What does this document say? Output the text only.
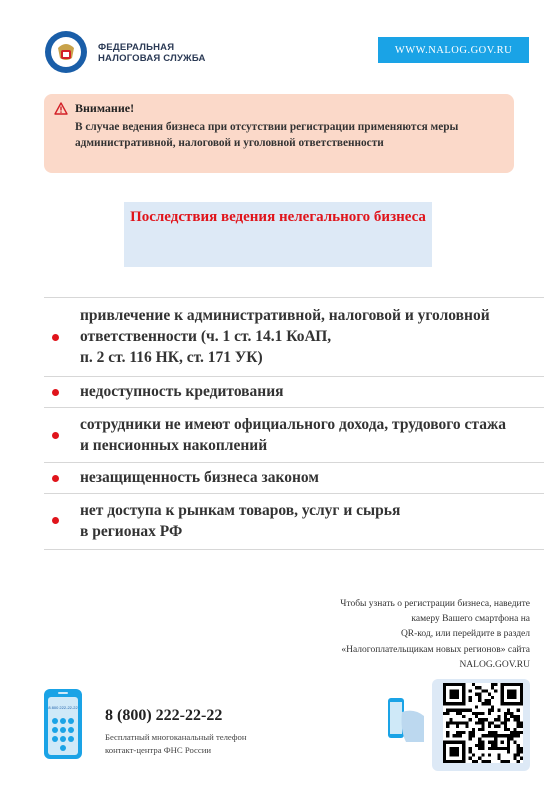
ФЕДЕРАЛЬНАЯ
НАЛОГОВАЯ СЛУЖБА
WWW.NALOG.GOV.RU
Внимание!
В случае ведения бизнеса при отсутствии регистрации применяются меры административной, налоговой и уголовной ответственности
Последствия ведения нелегального бизнеса
привлечение к административной, налоговой и уголовной
ответственности (ч. 1 ст. 14.1 КоАП,
п. 2 ст. 116 НК, ст. 171 УК)
недоступность кредитования
сотрудники не имеют официального дохода, трудового стажа
и пенсионных накоплений
незащищенность бизнеса законом
нет доступа к рынкам товаров, услуг и сырья
в регионах РФ
Чтобы узнать о регистрации бизнеса, наведите
камеру Вашего смартфона на
QR-код, или перейдите в раздел
«Налогоплательщикам новых регионов» сайта
NALOG.GOV.RU
8 800 222-22-22 8 (800) 222-22-22
Бесплатный многоканальный телефон
контакт-центра ФНС России
